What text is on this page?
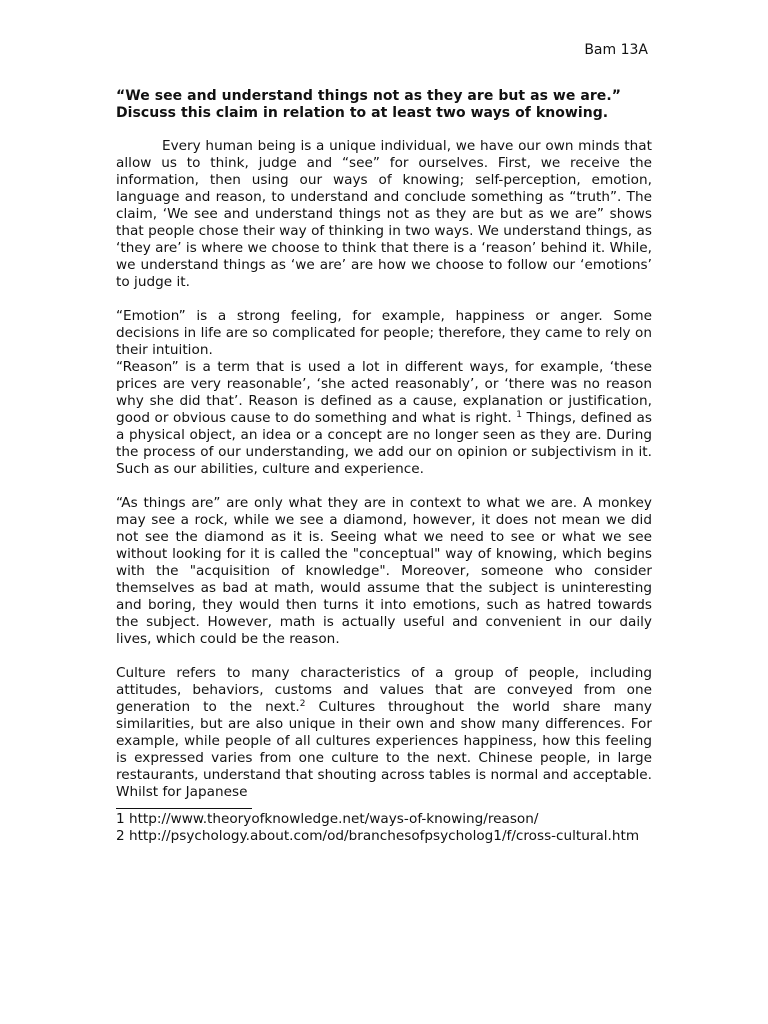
Bam 13A

“We see and understand things not as they are but as we are.” Discuss this claim in relation to at least two ways of knowing.

Every human being is a unique individual, we have our own minds that allow us to think, judge and “see” for ourselves. First, we receive the information, then using our ways of knowing; self-perception, emotion, language and reason, to understand and conclude something as “truth”. The claim, ‘We see and understand things not as they are but as we are” shows that people chose their way of thinking in two ways. We understand things, as ‘they are’ is where we choose to think that there is a ‘reason’ behind it. While, we understand things as ‘we are’ are how we choose to follow our ‘emotions’ to judge it.

“Emotion” is a strong feeling, for example, happiness or anger. Some decisions in life are so complicated for people; therefore, they came to rely on their intuition.

“Reason” is a term that is used a lot in different ways, for example, ‘these prices are very reasonable’, ‘she acted reasonably’, or ‘there was no reason why she did that’. Reason is defined as a cause, explanation or justification, good or obvious cause to do something and what is right. $^1$ Things, defined as a physical object, an idea or a concept are no longer seen as they are. During the process of our understanding, we add our on opinion or subjectivism in it. Such as our abilities, culture and experience.

“As things are” are only what they are in context to what we are. A monkey may see a rock, while we see a diamond, however, it does not mean we did not see the diamond as it is. Seeing what we need to see or what we see without looking for it is called the "conceptual" way of knowing, which begins with the "acquisition of knowledge". Moreover, someone who consider themselves as bad at math, would assume that the subject is uninteresting and boring, they would then turns it into emotions, such as hatred towards the subject. However, math is actually useful and convenient in our daily lives, which could be the reason.

Culture refers to many characteristics of a group of people, including attitudes, behaviors, customs and values that are conveyed from one generation to the next.$^2$ Cultures throughout the world share many similarities, but are also unique in their own and show many differences. For example, while people of all cultures experiences happiness, how this feeling is expressed varies from one culture to the next. Chinese people, in large restaurants, understand that shouting across tables is normal and acceptable. Whilst for Japanese

1 http://www.theoryofknowledge.net/ways-of-knowing/reason/

2 http://psychology.about.com/od/branchesofpsycholog1/f/cross-cultural.htm
